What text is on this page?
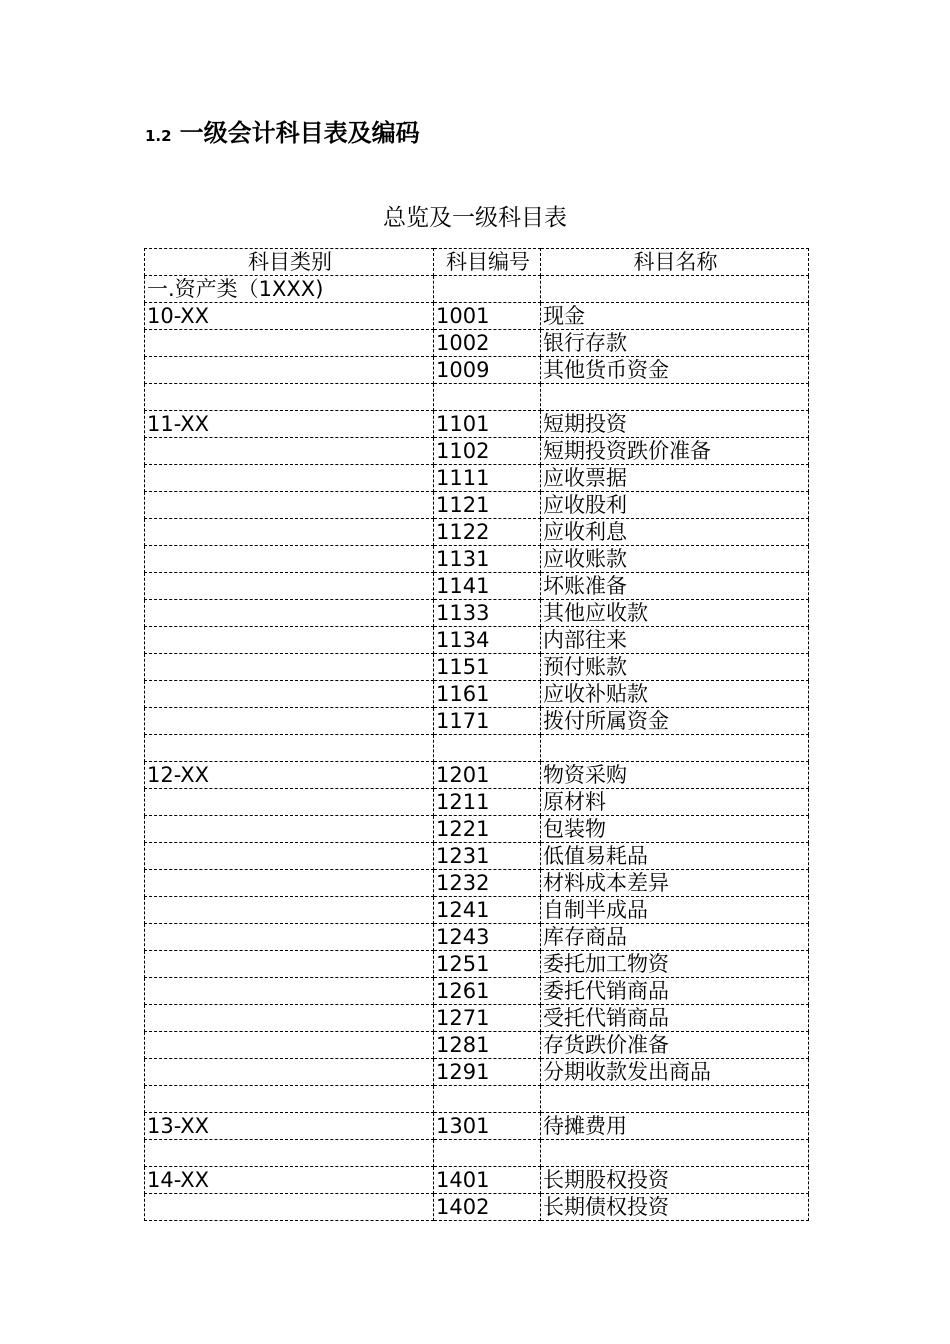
1.2 一级会计科目表及编码
总览及一级科目表
科目类别	科目编号	科目名称
一.资产类（1XXX)		
10-XX	1001	现金
	1002	银行存款
	1009	其他货币资金

11-XX	1101	短期投资
	1102	短期投资跌价准备
	1111	应收票据
	1121	应收股利
	1122	应收利息
	1131	应收账款
	1141	坏账准备
	1133	其他应收款
	1134	内部往来
	1151	预付账款
	1161	应收补贴款
	1171	拨付所属资金

12-XX	1201	物资采购
	1211	原材料
	1221	包装物
	1231	低值易耗品
	1232	材料成本差异
	1241	自制半成品
	1243	库存商品
	1251	委托加工物资
	1261	委托代销商品
	1271	受托代销商品
	1281	存货跌价准备
	1291	分期收款发出商品

13-XX	1301	待摊费用

14-XX	1401	长期股权投资
	1402	长期债权投资
